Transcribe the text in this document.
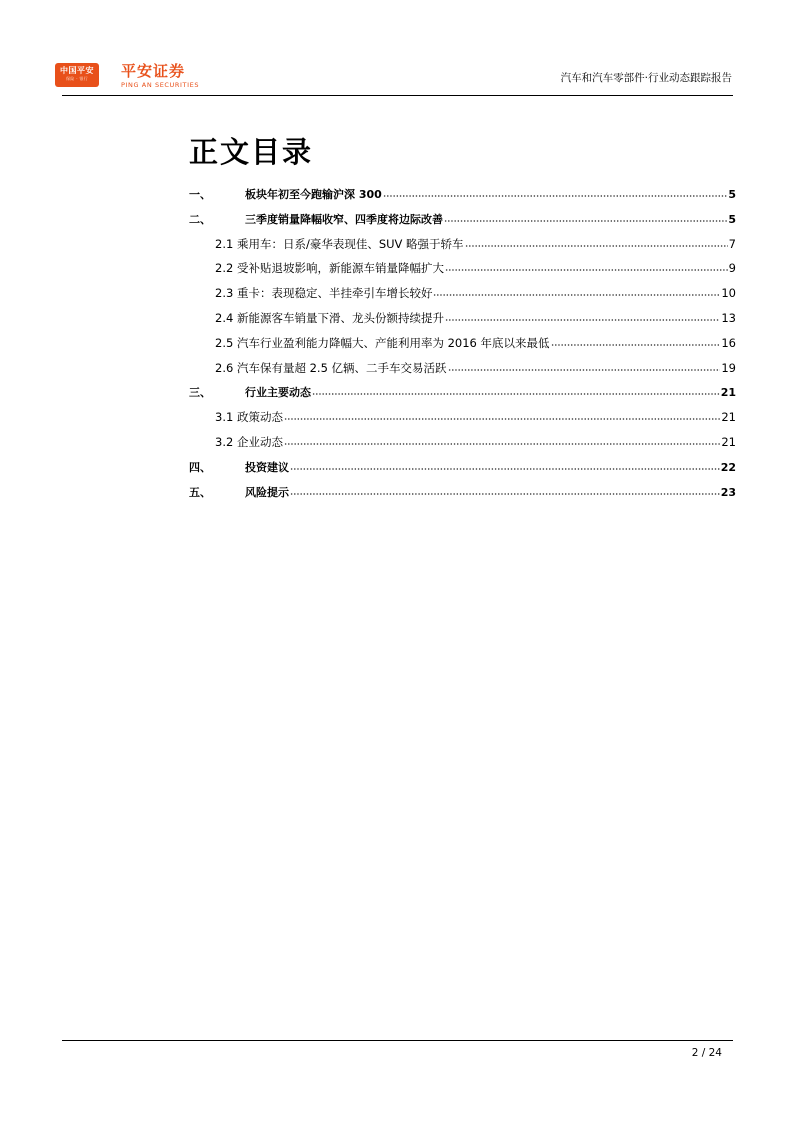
中国平安
保险 · 银行	平安证券
PING AN SECURITIES
汽车和汽车零部件·行业动态跟踪报告
正文目录
一、	板块年初至今跑输沪深 300	5
二、	三季度销量降幅收窄、四季度将边际改善	5
2.1 乘用车：日系/豪华表现佳、SUV 略强于轿车	7
2.2 受补贴退坡影响，新能源车销量降幅扩大	9
2.3 重卡：表现稳定、半挂牵引车增长较好	10
2.4 新能源客车销量下滑、龙头份额持续提升	13
2.5 汽车行业盈利能力降幅大、产能利用率为 2016 年底以来最低	16
2.6 汽车保有量超 2.5 亿辆、二手车交易活跃	19
三、	行业主要动态	21
3.1 政策动态	21
3.2 企业动态	21
四、	投资建议	22
五、	风险提示	23
2 / 24
